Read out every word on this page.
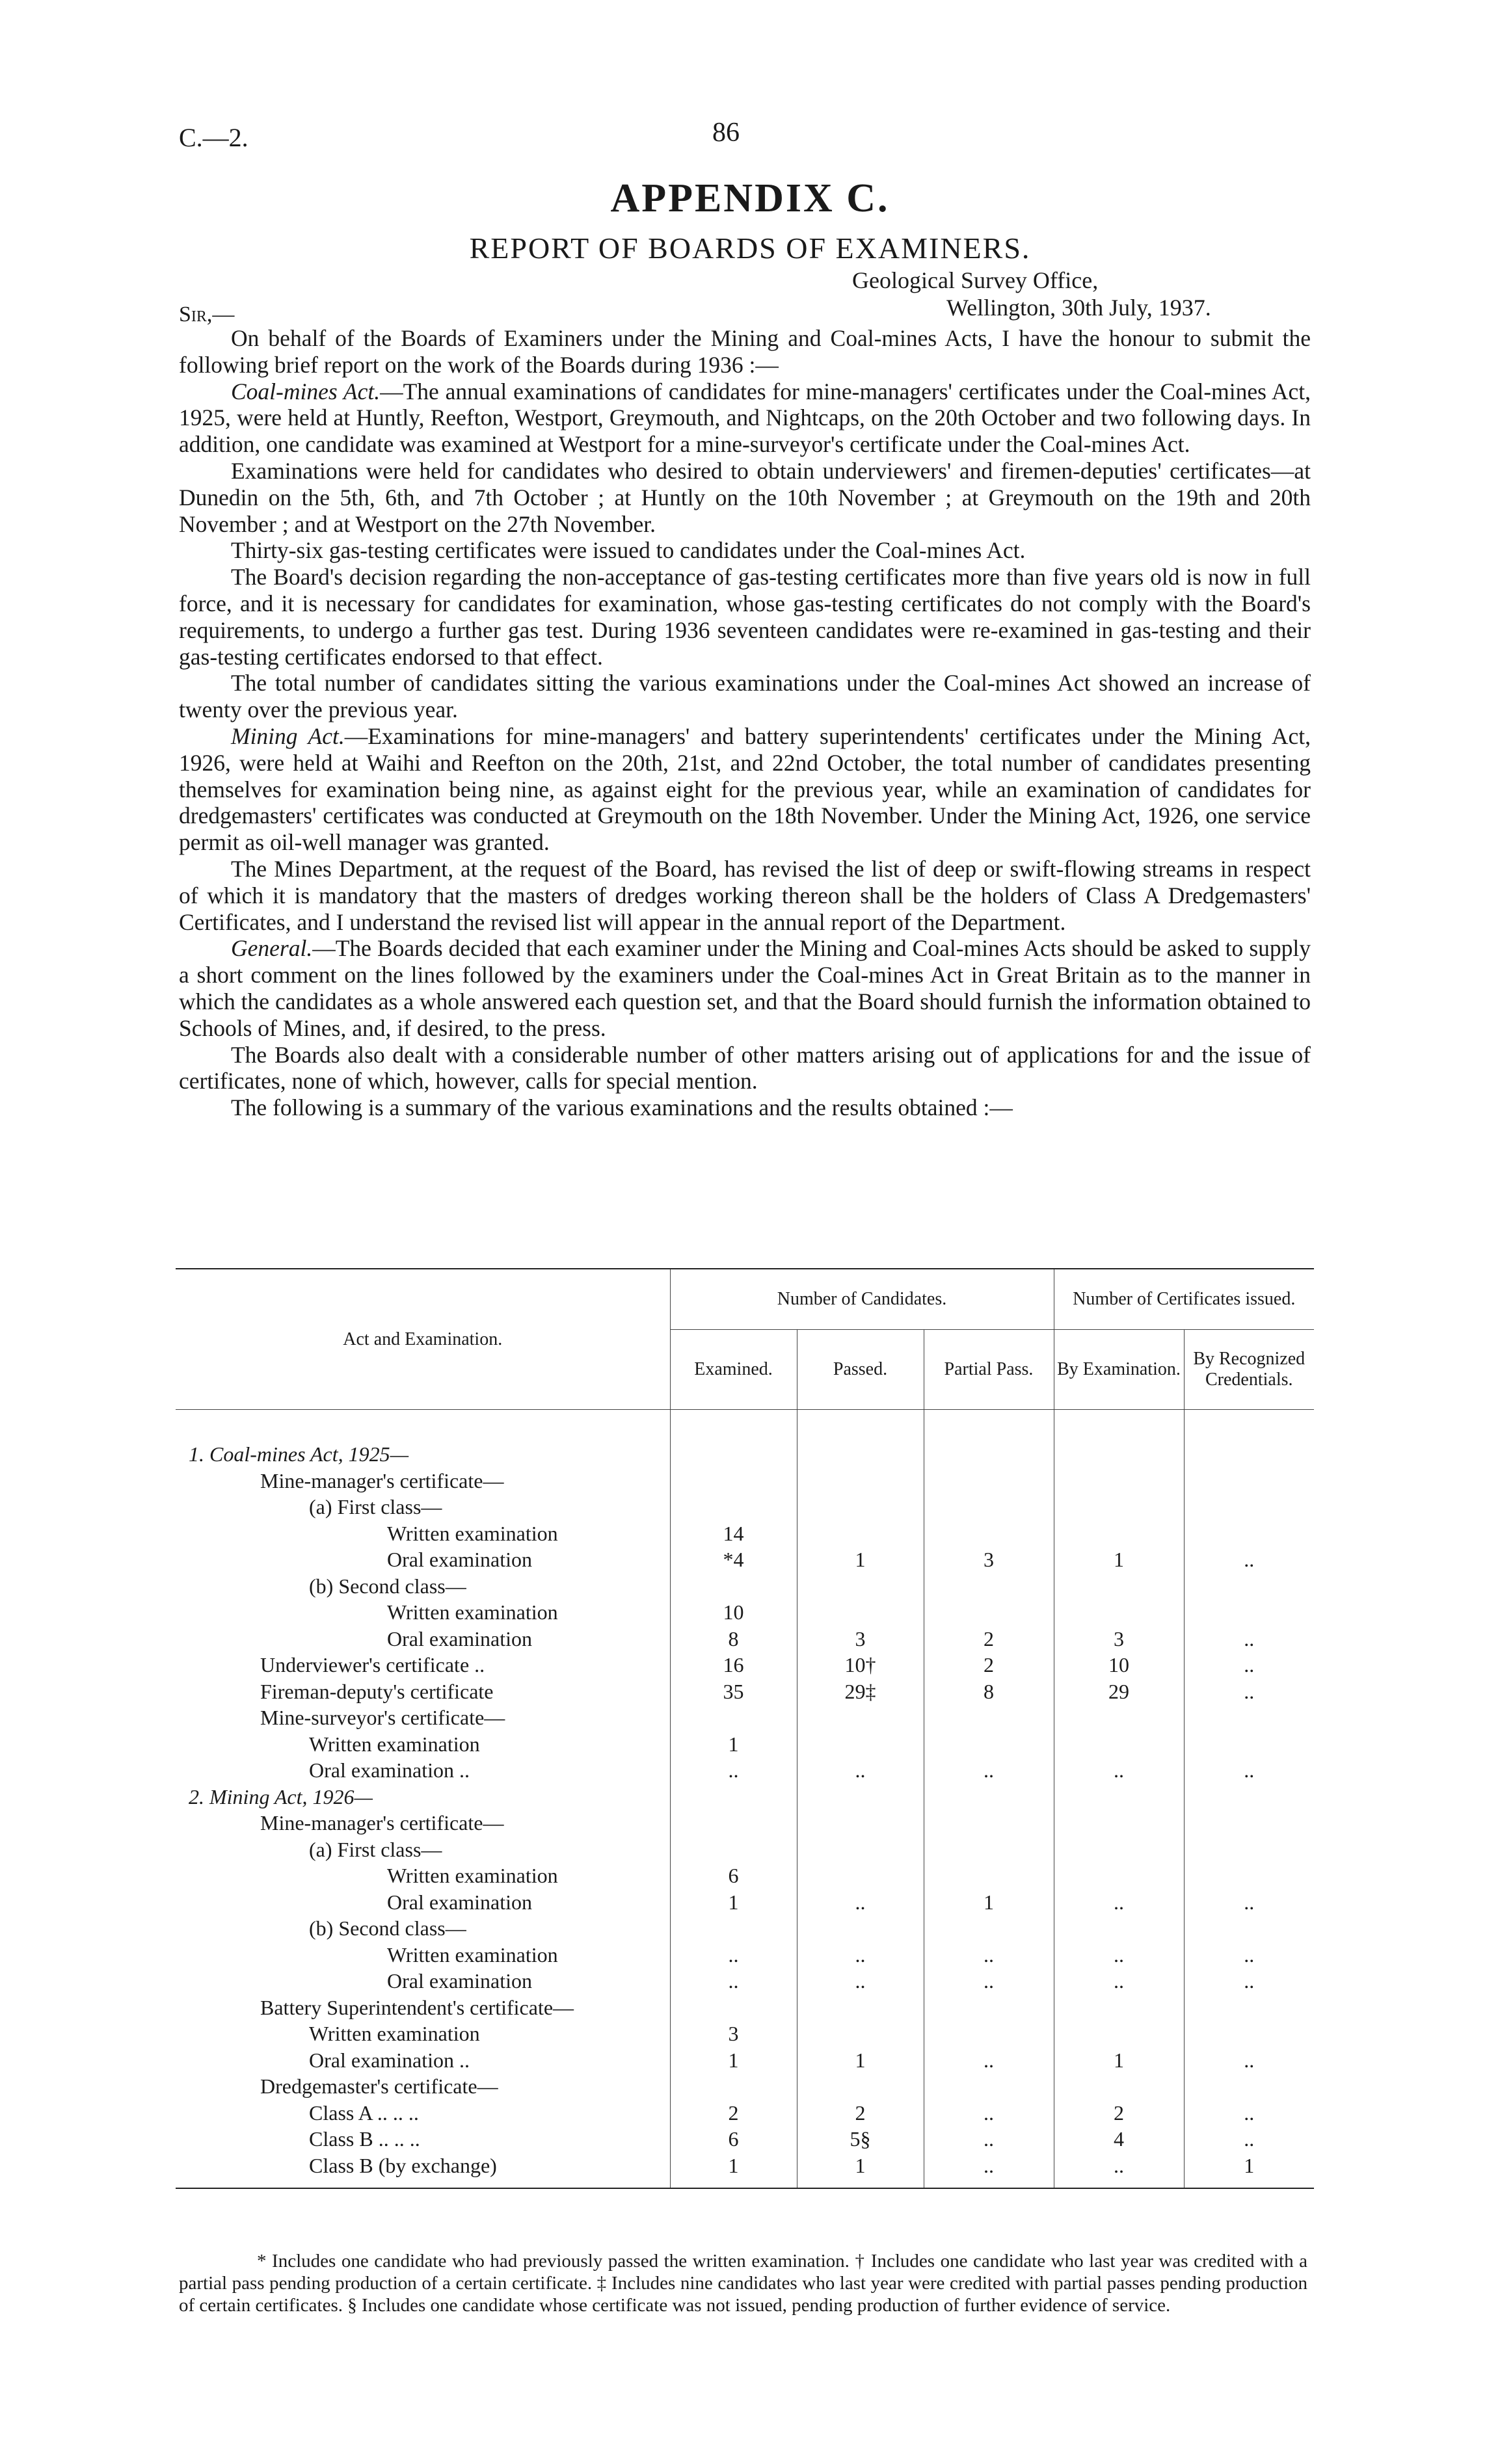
C.—2.	86
APPENDIX C.
REPORT OF BOARDS OF EXAMINERS.
Geological Survey Office,
Wellington, 30th July, 1937.
Sir,—

On behalf of the Boards of Examiners under the Mining and Coal-mines Acts, I have the honour to submit the following brief report on the work of the Boards during 1936 :—

Coal-mines Act.—The annual examinations of candidates for mine-managers' certificates under the Coal-mines Act, 1925, were held at Huntly, Reefton, Westport, Greymouth, and Nightcaps, on the 20th October and two following days. In addition, one candidate was examined at Westport for a mine-surveyor's certificate under the Coal-mines Act.

Examinations were held for candidates who desired to obtain underviewers' and firemen-deputies' certificates—at Dunedin on the 5th, 6th, and 7th October ; at Huntly on the 10th November ; at Greymouth on the 19th and 20th November ; and at Westport on the 27th November.

Thirty-six gas-testing certificates were issued to candidates under the Coal-mines Act.

The Board's decision regarding the non-acceptance of gas-testing certificates more than five years old is now in full force, and it is necessary for candidates for examination, whose gas-testing certificates do not comply with the Board's requirements, to undergo a further gas test. During 1936 seventeen candidates were re-examined in gas-testing and their gas-testing certificates endorsed to that effect.

The total number of candidates sitting the various examinations under the Coal-mines Act showed an increase of twenty over the previous year.

Mining Act.—Examinations for mine-managers' and battery superintendents' certificates under the Mining Act, 1926, were held at Waihi and Reefton on the 20th, 21st, and 22nd October, the total number of candidates presenting themselves for examination being nine, as against eight for the previous year, while an examination of candidates for dredgemasters' certificates was conducted at Greymouth on the 18th November. Under the Mining Act, 1926, one service permit as oil-well manager was granted.

The Mines Department, at the request of the Board, has revised the list of deep or swift-flowing streams in respect of which it is mandatory that the masters of dredges working thereon shall be the holders of Class A Dredgemasters' Certificates, and I understand the revised list will appear in the annual report of the Department.

General.—The Boards decided that each examiner under the Mining and Coal-mines Acts should be asked to supply a short comment on the lines followed by the examiners under the Coal-mines Act in Great Britain as to the manner in which the candidates as a whole answered each question set, and that the Board should furnish the information obtained to Schools of Mines, and, if desired, to the press.

The Boards also dealt with a considerable number of other matters arising out of applications for and the issue of certificates, none of which, however, calls for special mention.

The following is a summary of the various examinations and the results obtained :—

Act and Examination.	Number of Candidates.			Number of Certificates issued.	
	Examined.	Passed.	Partial Pass.	By Examination.	By Recognized Credentials.
1. Coal-mines Act, 1925—					
Mine-manager's certificate—					
(a) First class—					
Written examination	14				
Oral examination	*4	1	3	1	..
(b) Second class—					
Written examination	10				
Oral examination	8	3	2	3	..
Underviewer's certificate ..	16	10†	2	10	..
Fireman-deputy's certificate	35	29‡	8	29	..
Mine-surveyor's certificate—					
Written examination	1				
Oral examination ..	..	..	..	..	..
2. Mining Act, 1926—					
Mine-manager's certificate—					
(a) First class—					
Written examination	6				
Oral examination	1	..	1	..	..
(b) Second class—					
Written examination	..	..	..	..	..
Oral examination	..	..	..	..	..
Battery Superintendent's certificate—					
Written examination	3				
Oral examination ..	1	1	..	1	..
Dredgemaster's certificate—					
Class A .. .. ..	2	2	..	2	..
Class B .. .. ..	6	5§	..	4	..
Class B (by exchange)	1	1	..	..	1

* Includes one candidate who had previously passed the written examination. † Includes one candidate who last year was credited with a partial pass pending production of a certain certificate. ‡ Includes nine candidates who last year were credited with partial passes pending production of certain certificates. § Includes one candidate whose certificate was not issued, pending production of further evidence of service.
